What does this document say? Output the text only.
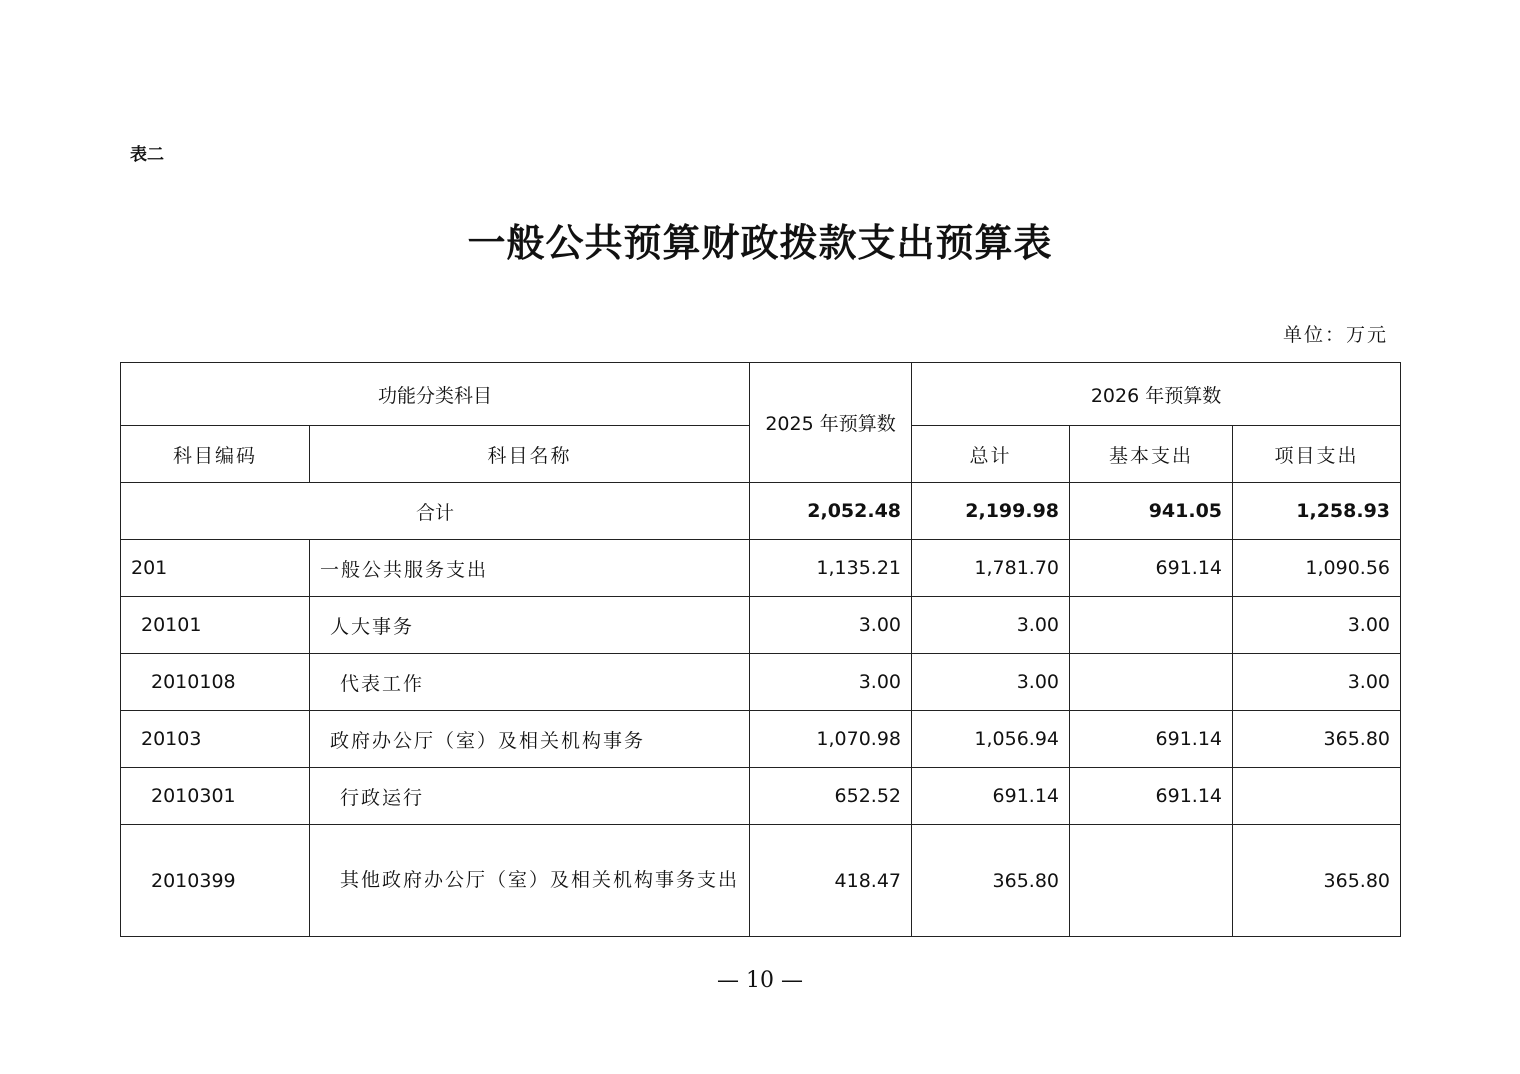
表二
一般公共预算财政拨款支出预算表
单位：万元
功能分类科目		2025 年预算数	2026 年预算数		
科目编码	科目名称		总计	基本支出	项目支出
合计		2,052.48	2,199.98	941.05	1,258.93
201	一般公共服务支出	1,135.21	1,781.70	691.14	1,090.56
20101	人大事务	3.00	3.00		3.00
2010108	代表工作	3.00	3.00		3.00
20103	政府办公厅（室）及相关机构事务	1,070.98	1,056.94	691.14	365.80
2010301	行政运行	652.52	691.14	691.14	
2010399	其他政府办公厅（室）及相关机构事务支出	418.47	365.80		365.80
— 10 —
